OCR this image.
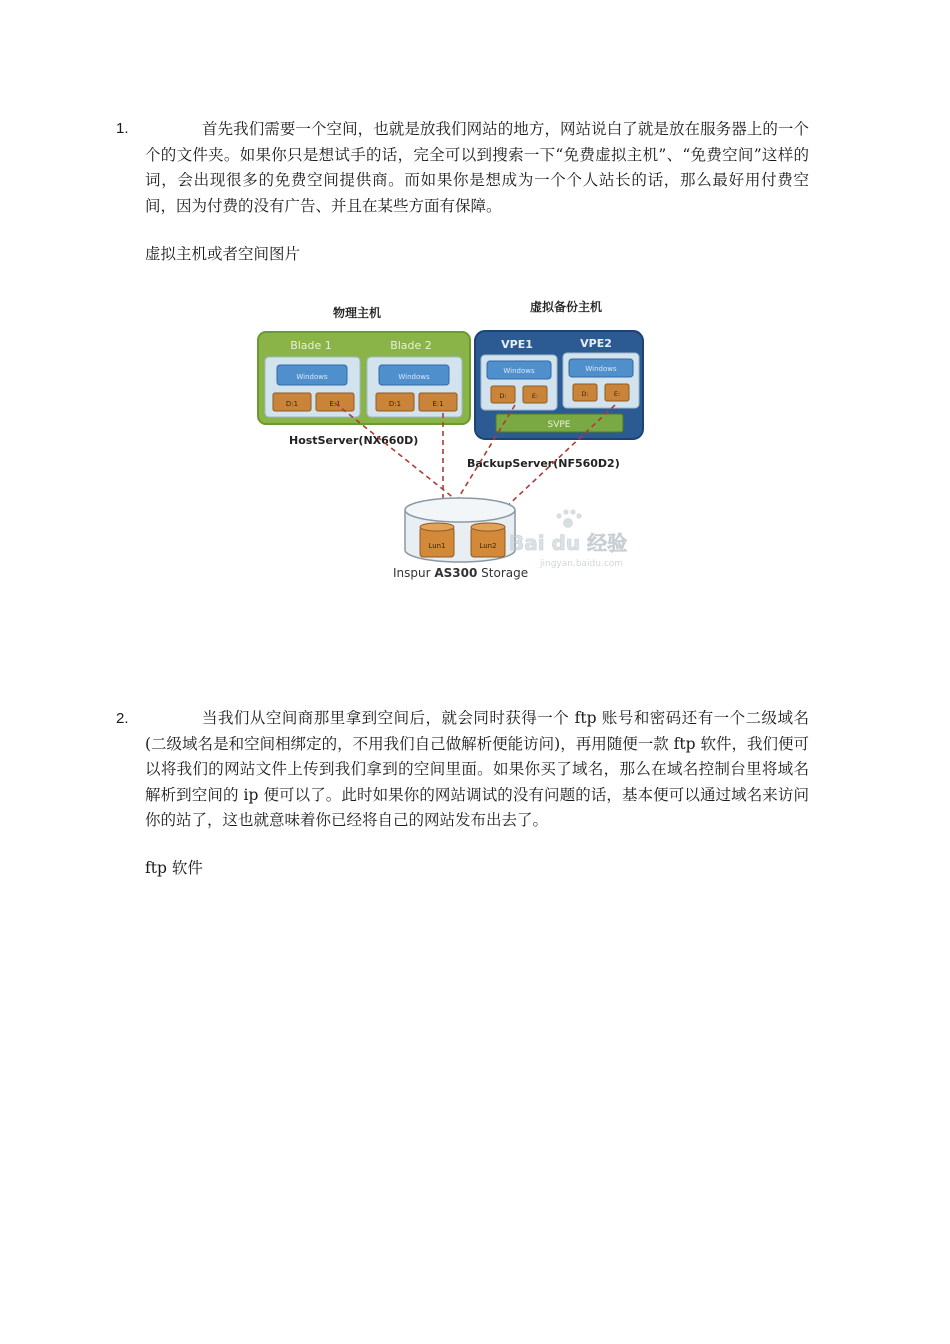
1.	首先我们需要一个空间，也就是放我们网站的地方，网站说白了就是放在服务器上的一个个的文件夹。如果你只是想试手的话，完全可以到搜索一下“免费虚拟主机”、“免费空间”这样的词，会出现很多的免费空间提供商。而如果你是想成为一个个人站长的话，那么最好用付费空间，因为付费的没有广告、并且在某些方面有保障。

虚拟主机或者空间图片

物理主机	虚拟备份主机
Blade 1	Blade 2
Windows
D:1	E:1
Windows
D:1	E:1
VPE1	VPE2
Windows
D:	E:
Windows
D:	E:
SVPE
HostServer(NX660D)
BackupServer(NF560D2)
Lun1	Lun2
Inspur AS300 Storage
Bai du 经验
jingyan.baidu.com
2.	当我们从空间商那里拿到空间后，就会同时获得一个 ftp 账号和密码还有一个二级域名(二级域名是和空间相绑定的，不用我们自己做解析便能访问)，再用随便一款 ftp 软件，我们便可以将我们的网站文件上传到我们拿到的空间里面。如果你买了域名，那么在域名控制台里将域名解析到空间的 ip 便可以了。此时如果你的网站调试的没有问题的话，基本便可以通过域名来访问你的站了，这也就意味着你已经将自己的网站发布出去了。

ftp 软件
